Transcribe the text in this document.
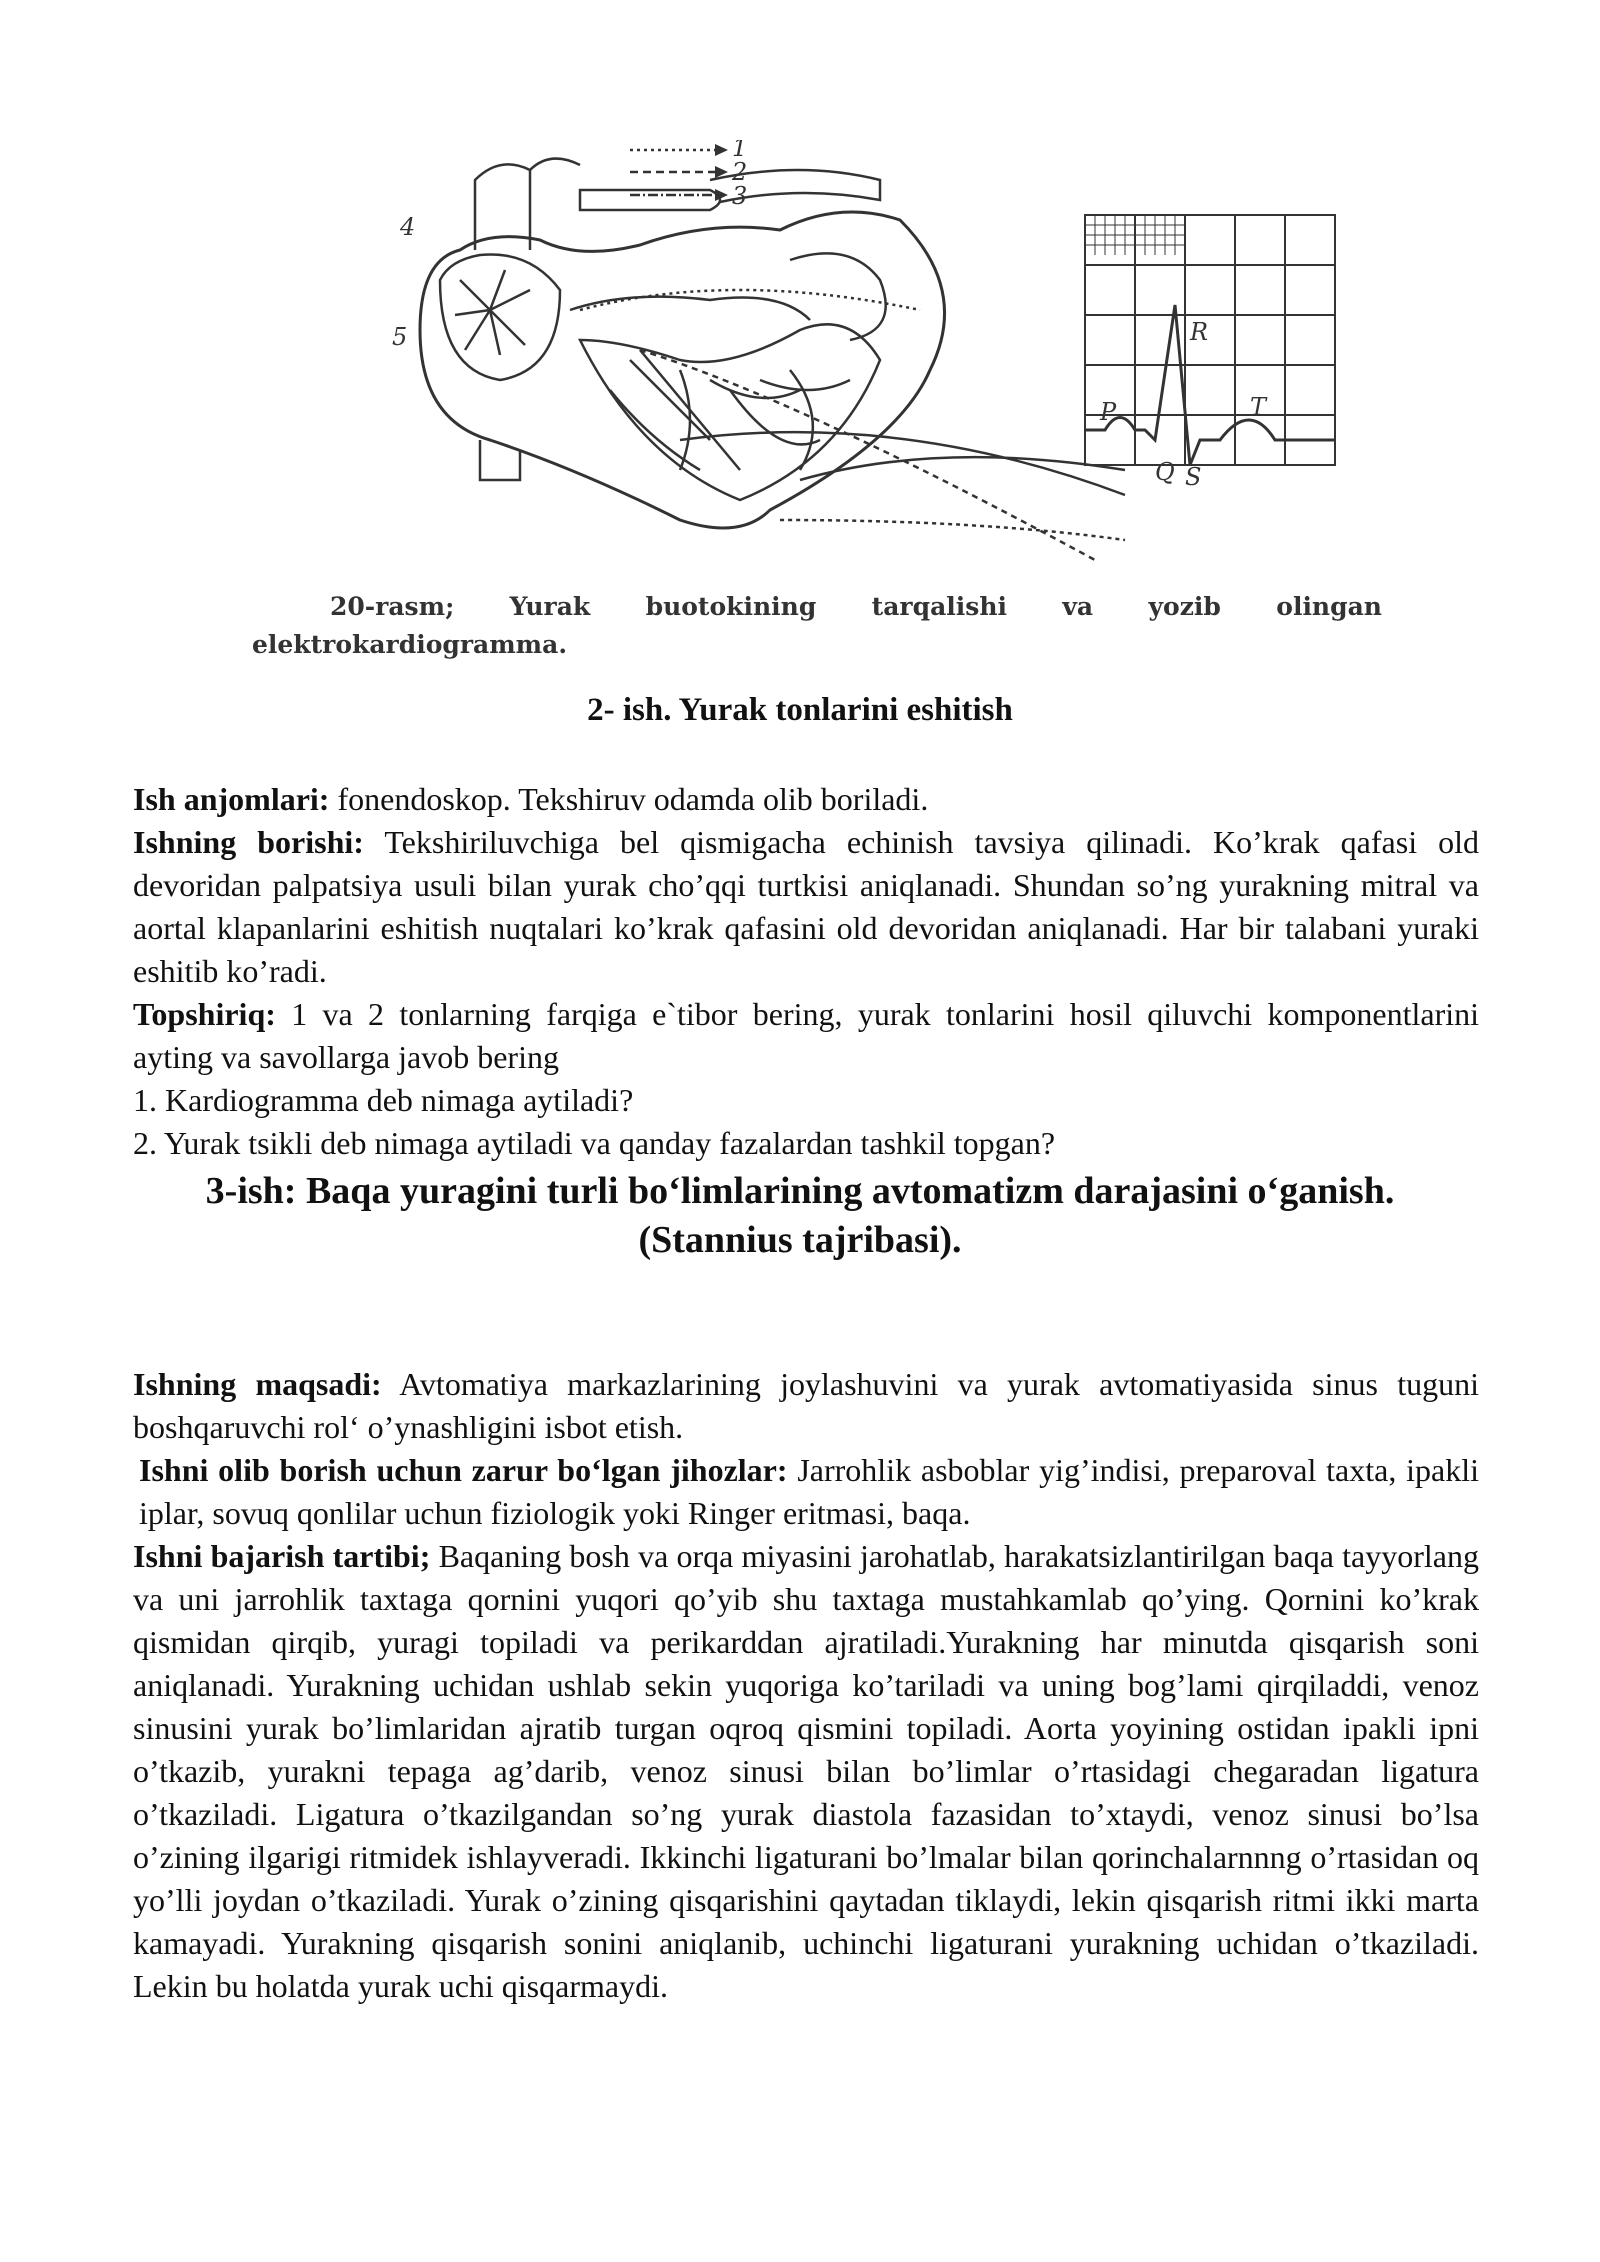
1
2
3
4
5	R
P	T
Q S
20-rasm; Yurak buotokining tarqalishi va yozib olingan
elektrokardiogramma.
2- ish. Yurak tonlarini eshitish

Ish anjomlari: fonendoskop. Tekshiruv odamda olib boriladi.

Ishning borishi: Tekshiriluvchiga bel qismigacha echinish tavsiya qilinadi. Ko’krak qafasi old devoridan palpatsiya usuli bilan yurak cho’qqi turtkisi aniqlanadi. Shundan so’ng yurakning mitral va aortal klapanlarini eshitish nuqtalari ko’krak qafasini old devoridan aniqlanadi. Har bir talabani yuraki eshitib ko’radi.

Topshiriq: 1 va 2 tonlarning farqiga e`tibor bering, yurak tonlarini hosil qiluvchi komponentlarini ayting va savollarga javob bering

1. Kardiogramma deb nimaga aytiladi?

2. Yurak tsikli deb nimaga aytiladi va qanday fazalardan tashkil topgan?

3-ish: Baqa yuragini turli bo‘limlarining avtomatizm darajasini o‘ganish.
(Stannius tajribasi).

Ishning maqsadi: Avtomatiya markazlarining joylashuvini va yurak avtomatiyasida sinus tuguni boshqaruvchi rol‘ o’ynashligini isbot etish.

Ishni olib borish uchun zarur bo‘lgan jihozlar: Jarrohlik asboblar yig’indisi, preparoval taxta, ipakli iplar, sovuq qonlilar uchun fiziologik yoki Ringer eritmasi, baqa.

Ishni bajarish tartibi; Baqaning bosh va orqa miyasini jarohatlab, harakatsizlantirilgan baqa tayyorlang va uni jarrohlik taxtaga qornini yuqori qo’yib shu taxtaga mustahkamlab qo’ying. Qornini ko’krak qismidan qirqib, yuragi topiladi va perikarddan ajratiladi.Yurakning har minutda qisqarish soni aniqlanadi. Yurakning uchidan ushlab sekin yuqoriga ko’tariladi va uning bog’lami qirqiladdi, venoz sinusini yurak bo’limlaridan ajratib turgan oqroq qismini topiladi. Aorta yoyining ostidan ipakli ipni o’tkazib, yurakni tepaga ag’darib, venoz sinusi bilan bo’limlar o’rtasidagi chegaradan ligatura o’tkaziladi. Ligatura o’tkazilgandan so’ng yurak diastola fazasidan to’xtaydi, venoz sinusi bo’lsa o’zining ilgarigi ritmidek ishlayveradi. Ikkinchi ligaturani bo’lmalar bilan qorinchalarnnng o’rtasidan oq yo’lli joydan o’tkaziladi. Yurak o’zining qisqarishini qaytadan tiklaydi, lekin qisqarish ritmi ikki marta kamayadi. Yurakning qisqarish sonini aniqlanib, uchinchi ligaturani yurakning uchidan o’tkaziladi. Lekin bu holatda yurak uchi qisqarmaydi.
